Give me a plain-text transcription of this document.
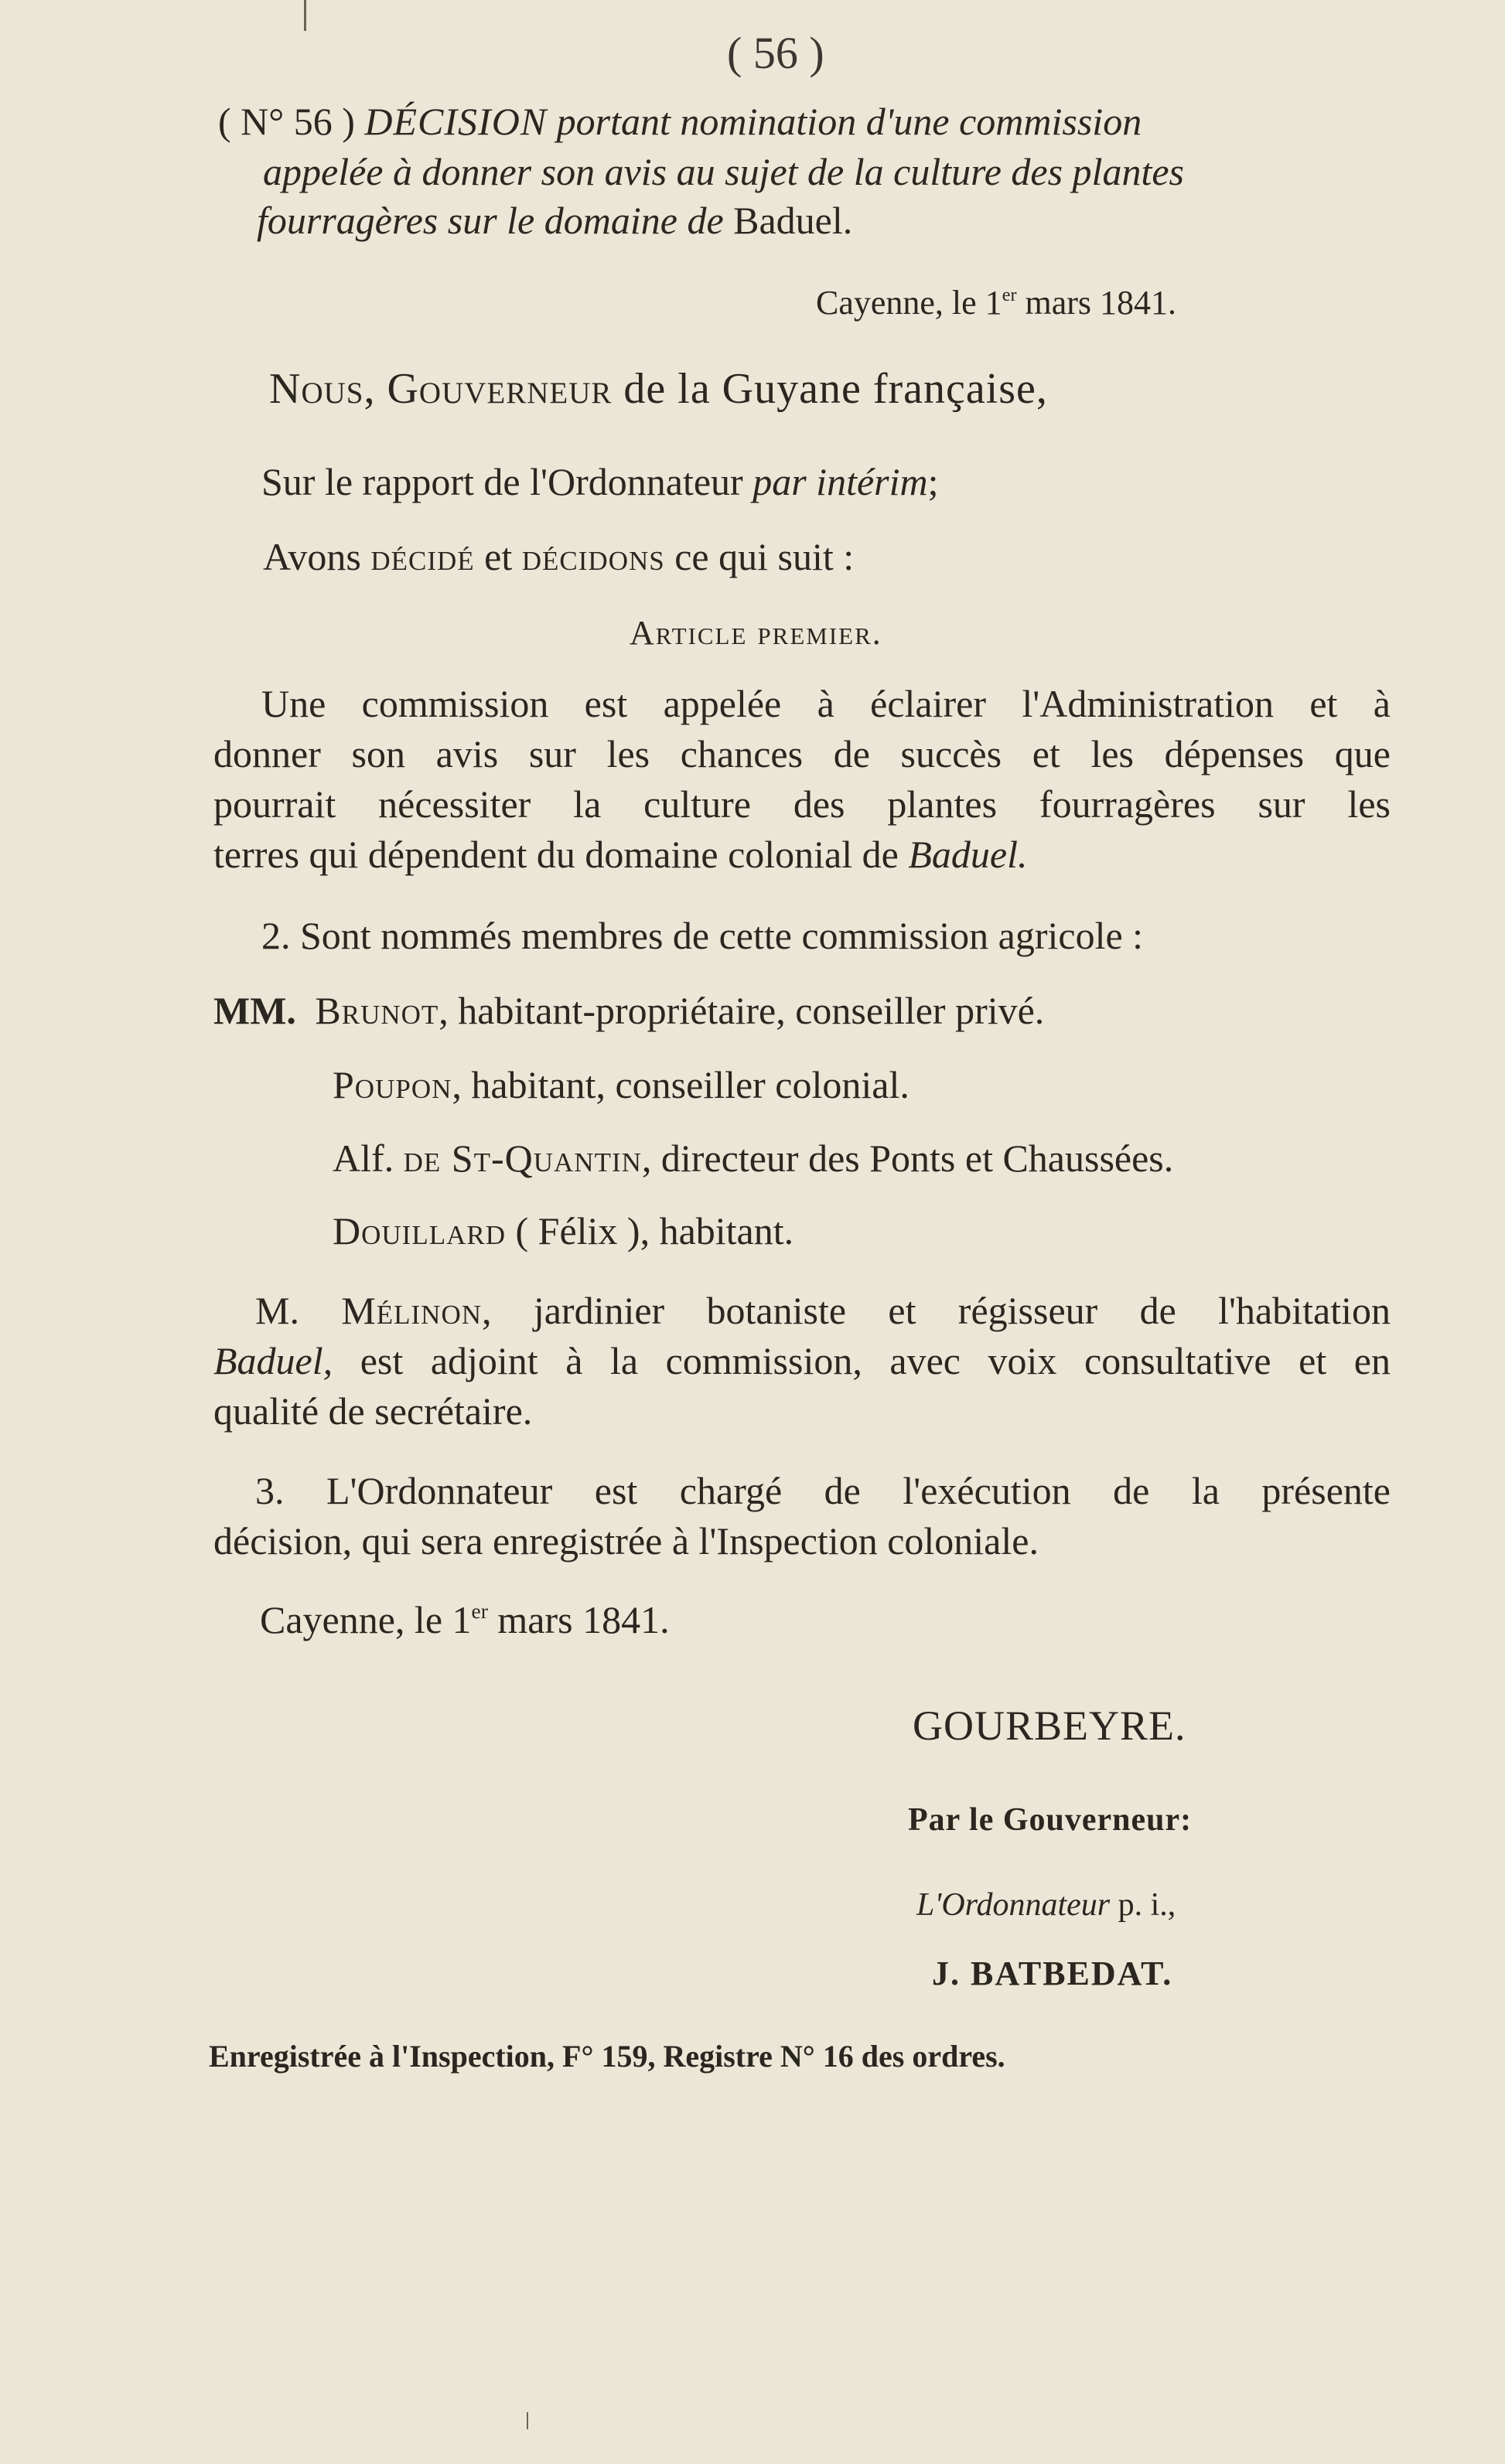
( 56 )
( N° 56 ) DÉCISION portant nomination d'une commission
appelée à donner son avis au sujet de la culture des plantes
fourragères sur le domaine de Baduel.
Cayenne, le 1er mars 1841.
Nous, Gouverneur de la Guyane française,
Sur le rapport de l'Ordonnateur par intérim;
Avons décidé et décidons ce qui suit :
Article premier.
Une commission est appelée à éclairer l'Administration et à
donner son avis sur les chances de succès et les dépenses que
pourrait nécessiter la culture des plantes fourragères sur les
terres qui dépendent du domaine colonial de Baduel.
2. Sont nommés membres de cette commission agricole :
MM. Brunot, habitant-propriétaire, conseiller privé.
Poupon, habitant, conseiller colonial.
Alf. de St-Quantin, directeur des Ponts et Chaussées.
Douillard ( Félix ), habitant.
M. Mélinon, jardinier botaniste et régisseur de l'habitation
Baduel, est adjoint à la commission, avec voix consultative et en
qualité de secrétaire.
3. L'Ordonnateur est chargé de l'exécution de la présente
décision, qui sera enregistrée à l'Inspection coloniale.
Cayenne, le 1er mars 1841.
GOURBEYRE.
Par le Gouverneur:
L'Ordonnateur p. i.,
J. BATBEDAT.
Enregistrée à l'Inspection, F° 159, Registre N° 16 des ordres.
